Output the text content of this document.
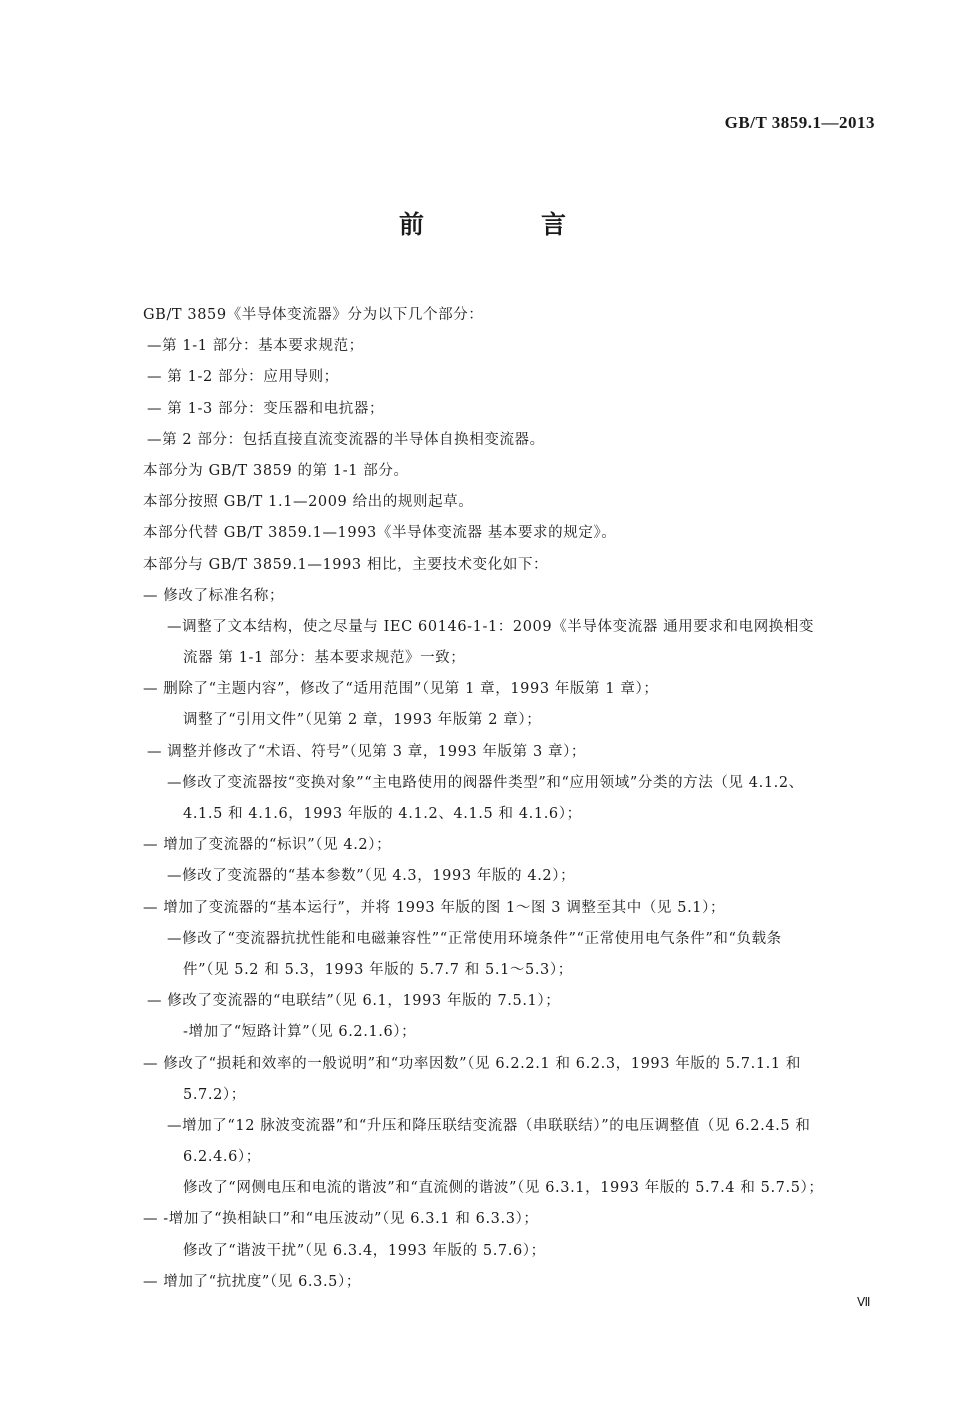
GB/T 3859.1—2013
前　言
GB/T 3859《半导体变流器》分为以下几个部分：
—第 1-1 部分：基本要求规范；
— 第 1-2 部分：应用导则；
— 第 1-3 部分：变压器和电抗器；
—第 2 部分：包括直接直流变流器的半导体自换相变流器。
本部分为 GB/T 3859 的第 1-1 部分。
本部分按照 GB/T 1.1—2009 给出的规则起草。
本部分代替 GB/T 3859.1—1993《半导体变流器 基本要求的规定》。
本部分与 GB/T 3859.1—1993 相比，主要技术变化如下：
— 修改了标准名称；
—调整了文本结构，使之尽量与 IEC 60146-1-1：2009《半导体变流器 通用要求和电网换相变
流器 第 1-1 部分：基本要求规范》一致；
— 删除了“主题内容”，修改了“适用范围”（见第 1 章，1993 年版第 1 章）；
调整了“引用文件”（见第 2 章，1993 年版第 2 章）；
— 调整并修改了“术语、符号”（见第 3 章，1993 年版第 3 章）；
—修改了变流器按“变换对象”“主电路使用的阀器件类型”和“应用领域”分类的方法（见 4.1.2、
4.1.5 和 4.1.6，1993 年版的 4.1.2、4.1.5 和 4.1.6）；
— 增加了变流器的“标识”（见 4.2）；
—修改了变流器的“基本参数”（见 4.3，1993 年版的 4.2）；
— 增加了变流器的“基本运行”，并将 1993 年版的图 1～图 3 调整至其中（见 5.1）；
—修改了“变流器抗扰性能和电磁兼容性”“正常使用环境条件”“正常使用电气条件”和“负载条
件”（见 5.2 和 5.3，1993 年版的 5.7.7 和 5.1～5.3）；
— 修改了变流器的“电联结”（见 6.1，1993 年版的 7.5.1）；
-增加了“短路计算”（见 6.2.1.6）；
— 修改了“损耗和效率的一般说明”和“功率因数”（见 6.2.2.1 和 6.2.3，1993 年版的 5.7.1.1 和
5.7.2）；
—增加了“12 脉波变流器”和“升压和降压联结变流器（串联联结）”的电压调整值（见 6.2.4.5 和
6.2.4.6）；
修改了“网侧电压和电流的谐波”和“直流侧的谐波”（见 6.3.1，1993 年版的 5.7.4 和 5.7.5）；
— -增加了“换相缺口”和“电压波动”（见 6.3.1 和 6.3.3）；
修改了“谐波干扰”（见 6.3.4，1993 年版的 5.7.6）；
— 增加了“抗扰度”（见 6.3.5）；
Ⅶ
